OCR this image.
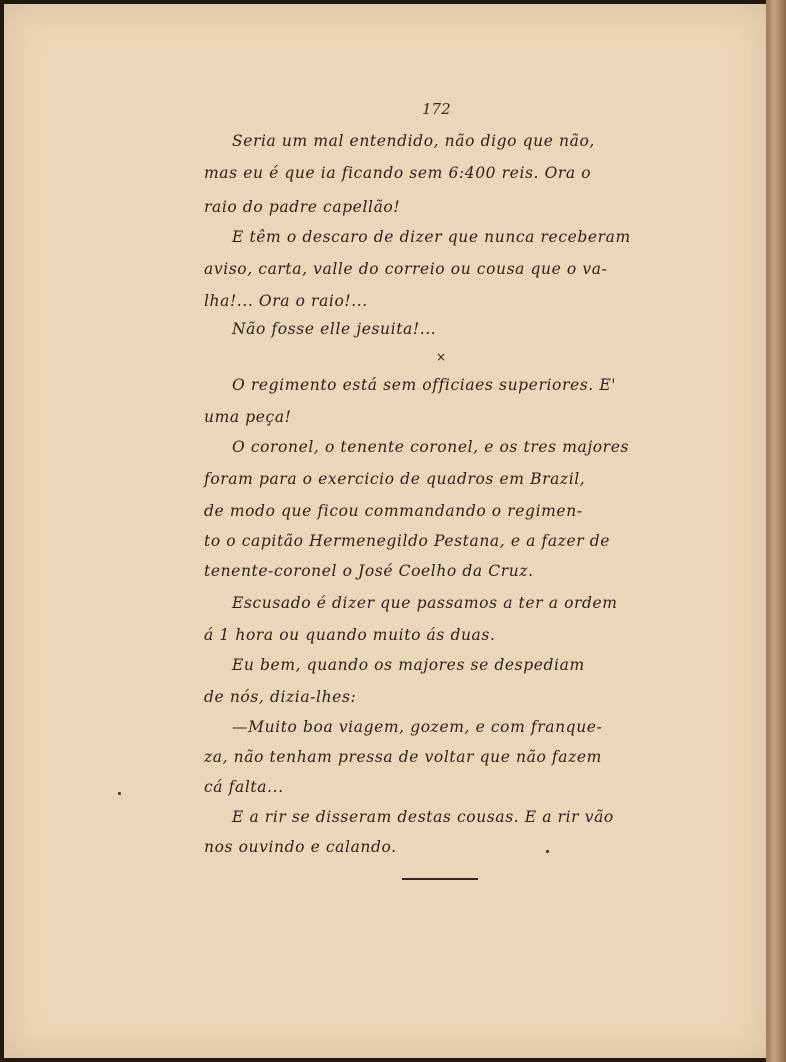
172
Seria um mal entendido, não digo que não,
mas eu é que ia ficando sem 6:400 reis. Ora o
raio do padre capellão!
E têm o descaro de dizer que nunca receberam
aviso, carta, valle do correio ou cousa que o va-
lha!... Ora o raio!...
Não fosse elle jesuita!...
×
O regimento está sem officiaes superiores. E'
uma peça!
O coronel, o tenente coronel, e os tres majores
foram para o exercicio de quadros em Brazil,
de modo que ficou commandando o regimen-
to o capitão Hermenegildo Pestana, e a fazer de
tenente-coronel o José Coelho da Cruz.
Escusado é dizer que passamos a ter a ordem
á 1 hora ou quando muito ás duas.
Eu bem, quando os majores se despediam
de nós, dizia-lhes:
—Muito boa viagem, gozem, e com franque-
za, não tenham pressa de voltar que não fazem
cá falta...
E a rir se disseram destas cousas. E a rir vão
nos ouvindo e calando.
